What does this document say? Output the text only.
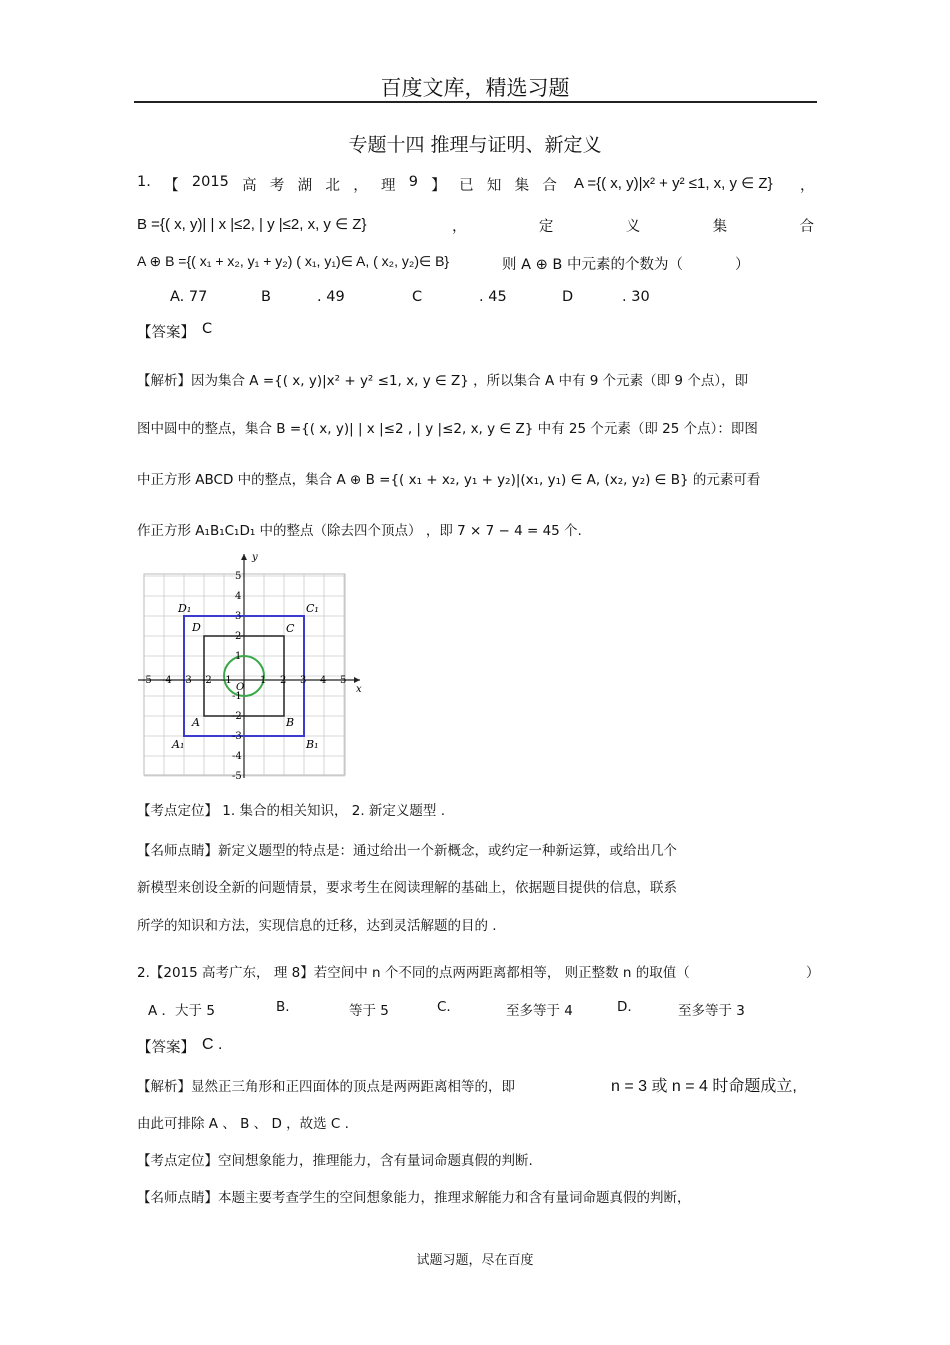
百度文库，精选习题
专题十四 推理与证明、新定义
1. 【 2015 高 考 湖 北 ， 理 9 】 已 知 集 合 A ={( x, y)|x² + y² ≤1, x, y ∈ Z} ，
B ={( x, y)| | x |≤2, | y |≤2, x, y ∈ Z}	，	定	义	集	合
A ⊕ B ={( x₁ + x₂, y₁ + y₂) ( x₁, y₁)∈ A, ( x₂, y₂)∈ B}	则 A ⊕ B 中元素的个数为（	）
A. 77	B	. 49	C	. 45	D	. 30
【答案】 C
【解析】因为集合 A ={( x, y)|x² + y² ≤1, x, y ∈ Z} ，所以集合 A 中有 9 个元素（即 9 个点），即
图中圆中的整点，集合 B ={( x, y)| | x |≤2 , | y |≤2, x, y ∈ Z} 中有 25 个元素（即 25 个点）：即图
中正方形 ABCD 中的整点，集合 A ⊕ B ={( x₁ + x₂, y₁ + y₂)|(x₁, y₁) ∈ A, (x₂, y₂) ∈ B} 的元素可看
作正方形 A₁B₁C₁D₁ 中的整点（除去四个顶点） ，即 7 × 7 − 4 = 45 个.
y
x
O
-5 -4 -3 -2 -1	1 2 3 4 5
5
4
3
2
1
-1
-2
-3
-4
-5
D₁	C₁
D	C
A	B
A₁	B₁
【考点定位】 1. 集合的相关知识， 2. 新定义题型 .
【名师点睛】新定义题型的特点是：通过给出一个新概念，或约定一种新运算，或给出几个
新模型来创设全新的问题情景，要求考生在阅读理解的基础上，依据题目提供的信息，联系
所学的知识和方法，实现信息的迁移，达到灵活解题的目的 .
2.【2015 高考广东， 理 8】若空间中 n 个不同的点两两距离都相等， 则正整数 n 的取值（	）
A ．大于 5	B.	等于 5	C.	至多等于 4	D.	至多等于 3
【答案】 C .
【解析】显然正三角形和正四面体的顶点是两两距离相等的，即	n = 3 或 n = 4 时命题成立,
由此可排除 A 、 B 、 D ，故选 C .
【考点定位】空间想象能力，推理能力，含有量词命题真假的判断.
【名师点睛】本题主要考查学生的空间想象能力，推理求解能力和含有量词命题真假的判断，
试题习题，尽在百度
